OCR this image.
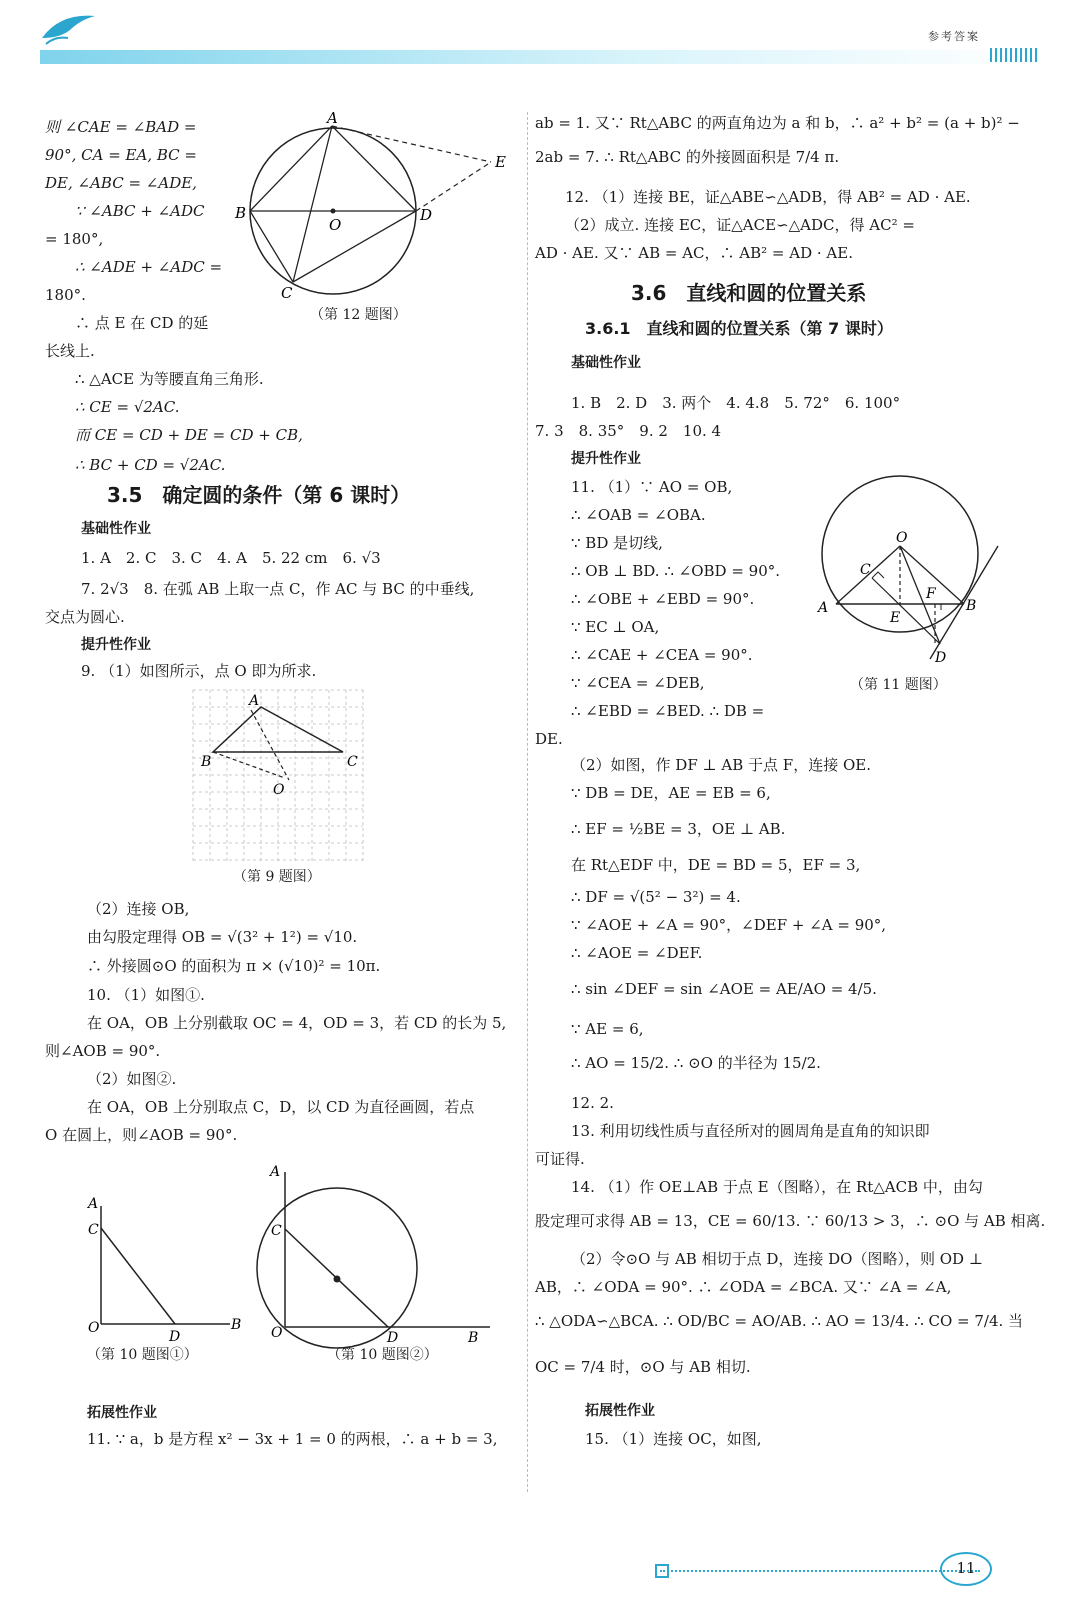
参考答案
则 ∠CAE = ∠BAD =
90°, CA = EA, BC =
DE, ∠ABC = ∠ADE,
∵ ∠ABC + ∠ADC
= 180°,
∴ ∠ADE + ∠ADC =
180°.
∴ 点 E 在 CD 的延
长线上.
∴ △ACE 为等腰直角三角形.
∴ CE = √2AC.
而 CE = CD + DE = CD + CB,
∴ BC + CD = √2AC.
A
B
C
D
E
O
（第 12 题图）
3.5　确定圆的条件（第 6 课时）
基础性作业
1. A　2. C　3. C　4. A　5. 22 cm　6. √3
7. 2√3　8. 在弧 AB 上取一点 C，作 AC 与 BC 的中垂线,
交点为圆心.
提升性作业
9. （1）如图所示，点 O 即为所求.
A
B	C
O
（第 9 题图）
（2）连接 OB,
由勾股定理得 OB = √(3² + 1²) = √10.
∴ 外接圆⊙O 的面积为 π × (√10)² = 10π.
10. （1）如图①.
在 OA，OB 上分别截取 OC = 4，OD = 3，若 CD 的长为 5,
则∠AOB = 90°.
（2）如图②.
在 OA，OB 上分别取点 C，D，以 CD 为直径画圆，若点
O 在圆上，则∠AOB = 90°.
A
C
O
D
B
（第 10 题图①）
A
C
O	D	B
（第 10 题图②）
拓展性作业
11. ∵ a，b 是方程 x² − 3x + 1 = 0 的两根，∴ a + b = 3,
ab = 1. 又∵ Rt△ABC 的两直角边为 a 和 b，∴ a² + b² = (a + b)² −
2ab = 7. ∴ Rt△ABC 的外接圆面积是 7/4 π.
12. （1）连接 BE，证△ABE∽△ADB，得 AB² = AD · AE.
（2）成立. 连接 EC，证△ACE∽△ADC，得 AC² =
AD · AE. 又∵ AB = AC，∴ AB² = AD · AE.
3.6　直线和圆的位置关系
3.6.1　直线和圆的位置关系（第 7 课时）
基础性作业
1. B　2. D　3. 两个　4. 4.8　5. 72°　6. 100°
7. 3　8. 35°　9. 2　10. 4
提升性作业
11. （1）∵ AO = OB,
∴ ∠OAB = ∠OBA.
∵ BD 是切线,
∴ OB ⊥ BD. ∴ ∠OBD = 90°.
∴ ∠OBE + ∠EBD = 90°.
∵ EC ⊥ OA,
∴ ∠CAE + ∠CEA = 90°.
∵ ∠CEA = ∠DEB,
∴ ∠EBD = ∠BED. ∴ DB =
DE.
O
C
A
E
F
B
D
（第 11 题图）
（2）如图，作 DF ⊥ AB 于点 F，连接 OE.
∵ DB = DE，AE = EB = 6,
∴ EF = ½BE = 3，OE ⊥ AB.
在 Rt△EDF 中，DE = BD = 5，EF = 3,
∴ DF = √(5² − 3²) = 4.
∵ ∠AOE + ∠A = 90°，∠DEF + ∠A = 90°,
∴ ∠AOE = ∠DEF.
∴ sin ∠DEF = sin ∠AOE = AE/AO = 4/5.
∵ AE = 6,
∴ AO = 15/2. ∴ ⊙O 的半径为 15/2.
12. 2.
13. 利用切线性质与直径所对的圆周角是直角的知识即
可证得.
14. （1）作 OE⊥AB 于点 E（图略），在 Rt△ACB 中，由勾
股定理可求得 AB = 13，CE = 60/13. ∵ 60/13 > 3，∴ ⊙O 与 AB 相离.
（2）令⊙O 与 AB 相切于点 D，连接 DO（图略），则 OD ⊥
AB，∴ ∠ODA = 90°. ∴ ∠ODA = ∠BCA. 又∵ ∠A = ∠A,
∴ △ODA∽△BCA. ∴ OD/BC = AO/AB. ∴ AO = 13/4. ∴ CO = 7/4. 当
OC = 7/4 时，⊙O 与 AB 相切.
拓展性作业
15. （1）连接 OC，如图,
11
